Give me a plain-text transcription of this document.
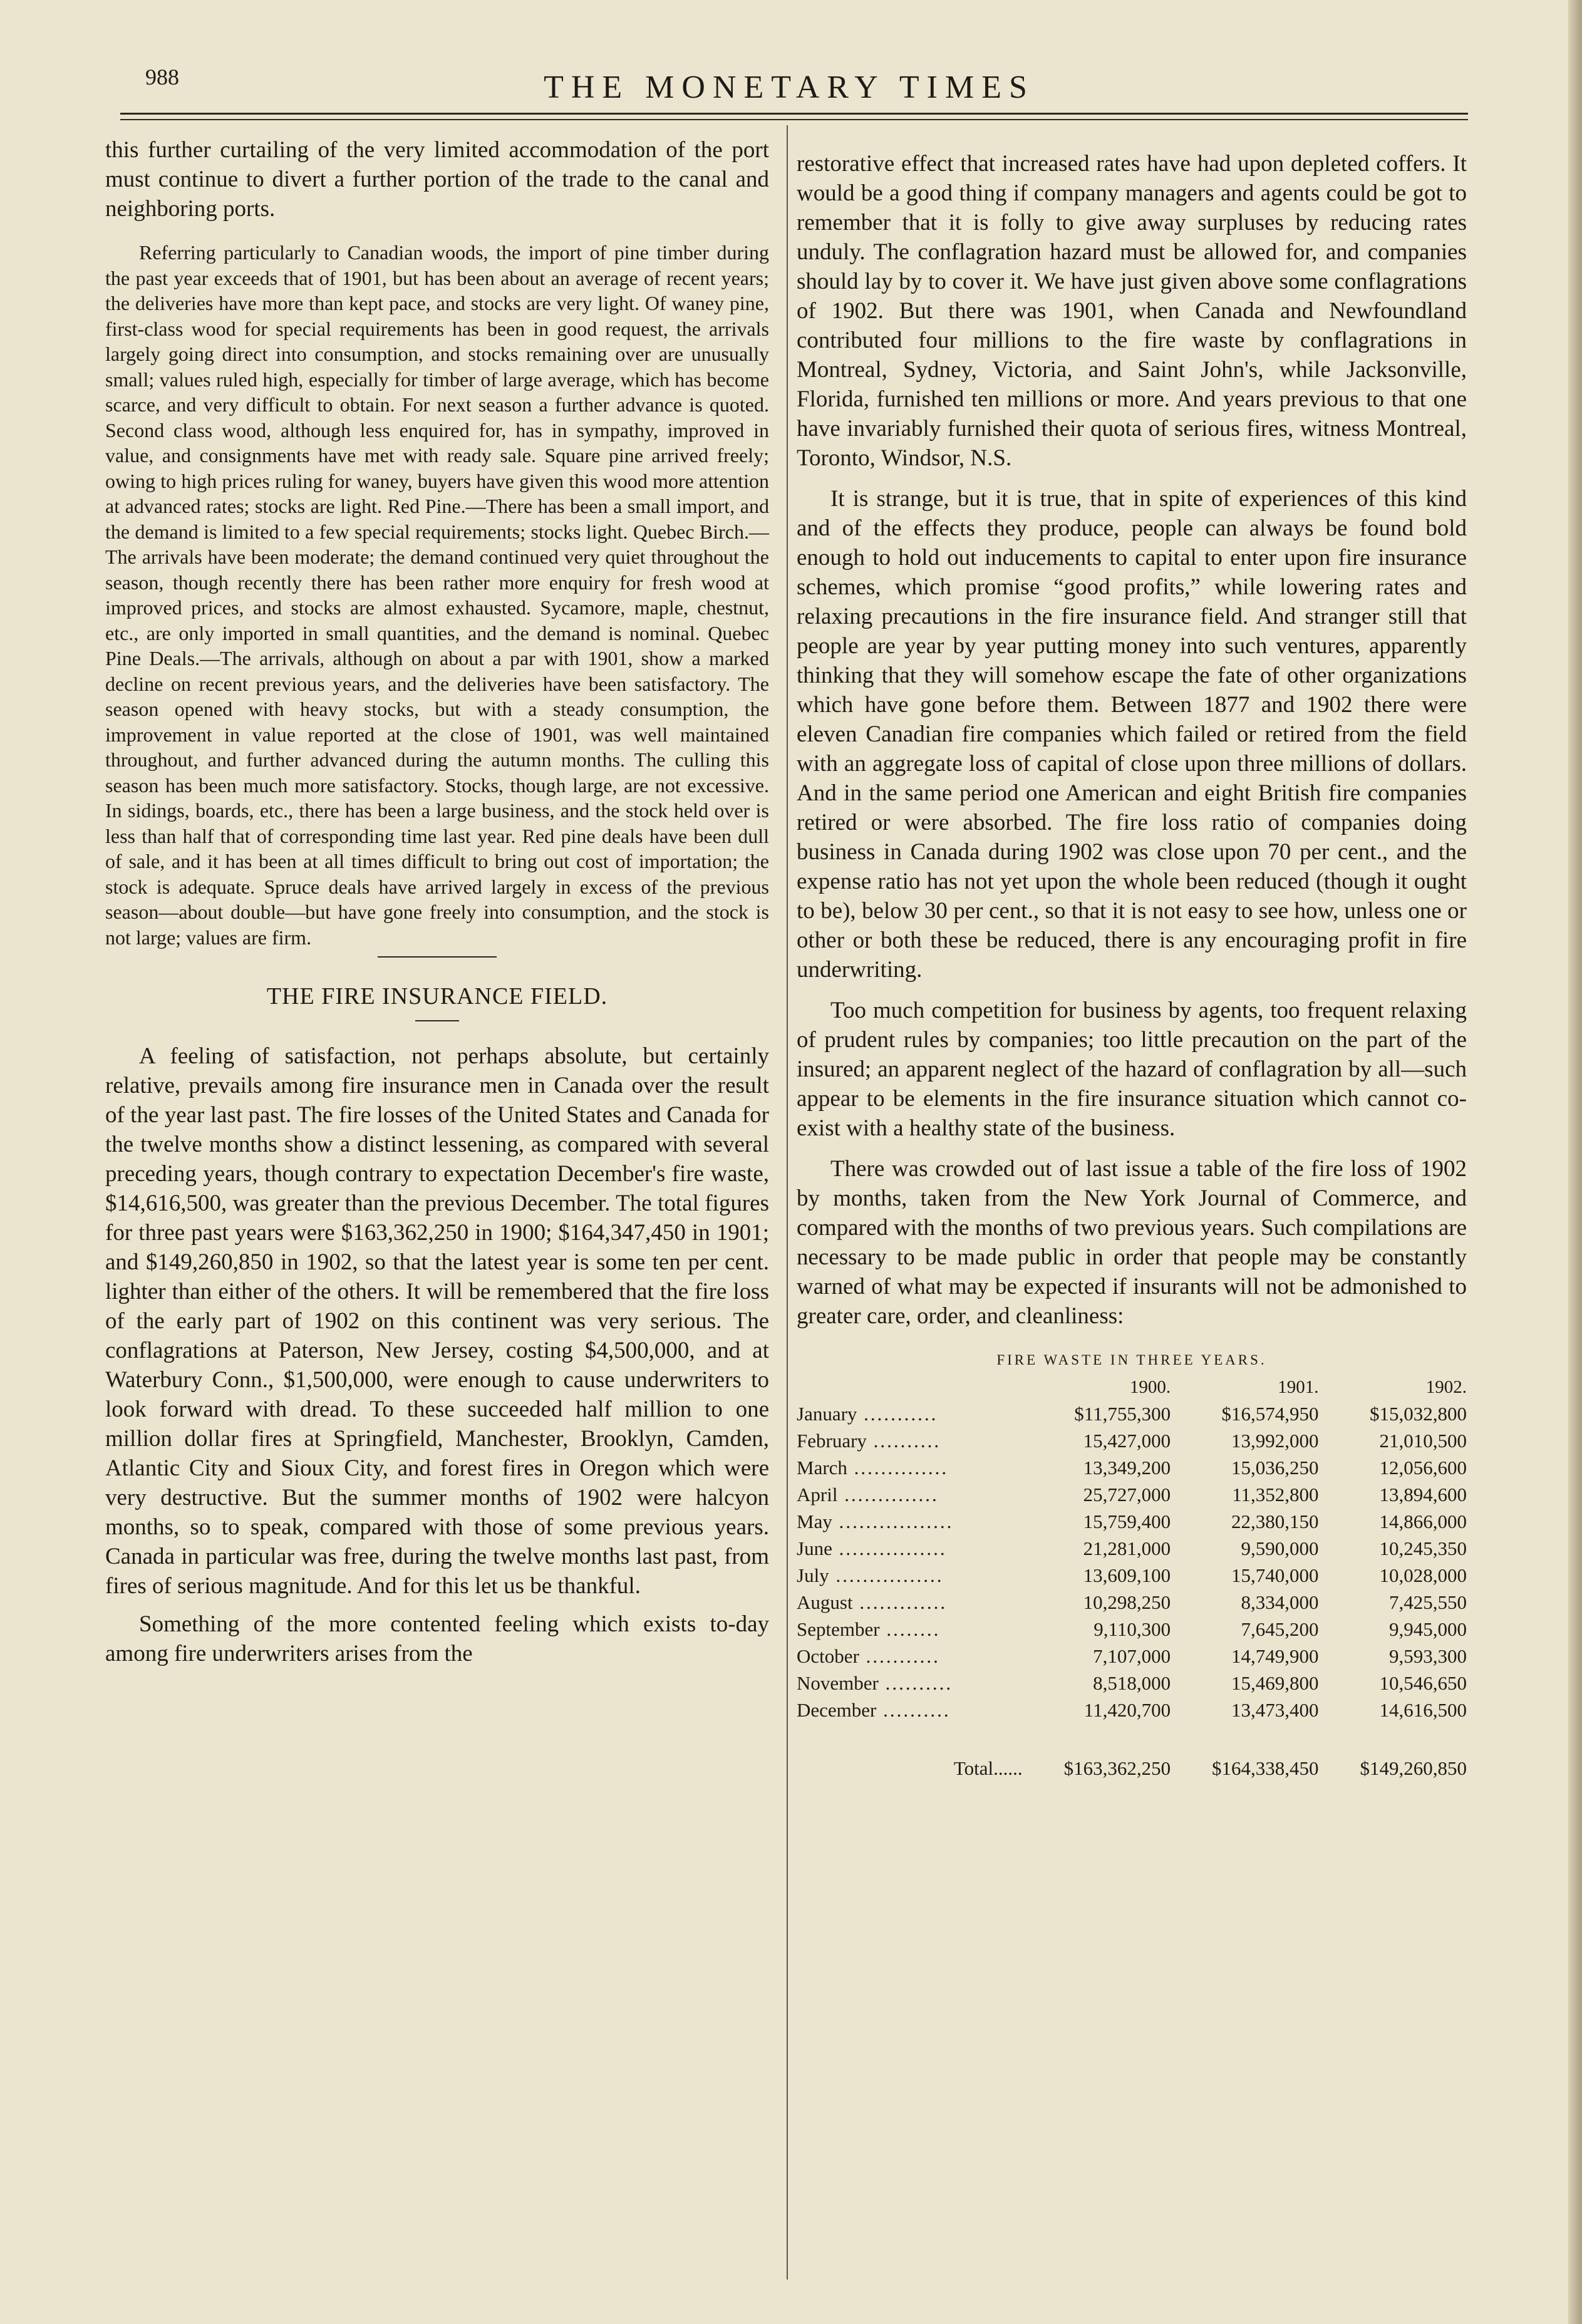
988	THE MONETARY TIMES

this further curtailing of the very limited accommodation of the port must continue to divert a further portion of the trade to the canal and neighboring ports.

Referring particularly to Canadian woods, the import of pine timber during the past year exceeds that of 1901, but has been about an average of recent years; the deliveries have more than kept pace, and stocks are very light. Of waney pine, first-class wood for special requirements has been in good request, the arrivals largely going direct into consumption, and stocks remaining over are unusually small; values ruled high, especially for timber of large average, which has become scarce, and very difficult to obtain. For next season a further advance is quoted. Second class wood, although less enquired for, has in sympathy, improved in value, and consignments have met with ready sale. Square pine arrived freely; owing to high prices ruling for waney, buyers have given this wood more attention at advanced rates; stocks are light. Red Pine.—There has been a small import, and the demand is limited to a few special requirements; stocks light. Quebec Birch.—The arrivals have been moderate; the demand continued very quiet throughout the season, though recently there has been rather more enquiry for fresh wood at improved prices, and stocks are almost exhausted. Sycamore, maple, chestnut, etc., are only imported in small quantities, and the demand is nominal. Quebec Pine Deals.—The arrivals, although on about a par with 1901, show a marked decline on recent previous years, and the deliveries have been satisfactory. The season opened with heavy stocks, but with a steady consumption, the improvement in value reported at the close of 1901, was well maintained throughout, and further advanced during the autumn months. The culling this season has been much more satisfactory. Stocks, though large, are not excessive. In sidings, boards, etc., there has been a large business, and the stock held over is less than half that of corresponding time last year. Red pine deals have been dull of sale, and it has been at all times difficult to bring out cost of importation; the stock is adequate. Spruce deals have arrived largely in excess of the previous season—about double—but have gone freely into consumption, and the stock is not large; values are firm.

THE FIRE INSURANCE FIELD.

A feeling of satisfaction, not perhaps absolute, but certainly relative, prevails among fire insurance men in Canada over the result of the year last past. The fire losses of the United States and Canada for the twelve months show a distinct lessening, as compared with several preceding years, though contrary to expectation December's fire waste, $14,616,500, was greater than the previous December. The total figures for three past years were $163,362,250 in 1900; $164,347,450 in 1901; and $149,260,850 in 1902, so that the latest year is some ten per cent. lighter than either of the others. It will be remembered that the fire loss of the early part of 1902 on this continent was very serious. The conflagrations at Paterson, New Jersey, costing $4,500,000, and at Waterbury Conn., $1,500,000, were enough to cause underwriters to look forward with dread. To these succeeded half million to one million dollar fires at Springfield, Manchester, Brooklyn, Camden, Atlantic City and Sioux City, and forest fires in Oregon which were very destructive. But the summer months of 1902 were halcyon months, so to speak, compared with those of some previous years. Canada in particular was free, during the twelve months last past, from fires of serious magnitude. And for this let us be thankful.

Something of the more contented feeling which exists to-day among fire underwriters arises from the

restorative effect that increased rates have had upon depleted coffers. It would be a good thing if company managers and agents could be got to remember that it is folly to give away surpluses by reducing rates unduly. The conflagration hazard must be allowed for, and companies should lay by to cover it. We have just given above some conflagrations of 1902. But there was 1901, when Canada and Newfoundland contributed four millions to the fire waste by conflagrations in Montreal, Sydney, Victoria, and Saint John's, while Jacksonville, Florida, furnished ten millions or more. And years previous to that one have invariably furnished their quota of serious fires, witness Montreal, Toronto, Windsor, N.S.

It is strange, but it is true, that in spite of experiences of this kind and of the effects they produce, people can always be found bold enough to hold out inducements to capital to enter upon fire insurance schemes, which promise “good profits,” while lowering rates and relaxing precautions in the fire insurance field. And stranger still that people are year by year putting money into such ventures, apparently thinking that they will somehow escape the fate of other organizations which have gone before them. Between 1877 and 1902 there were eleven Canadian fire companies which failed or retired from the field with an aggregate loss of capital of close upon three millions of dollars. And in the same period one American and eight British fire companies retired or were absorbed. The fire loss ratio of companies doing business in Canada during 1902 was close upon 70 per cent., and the expense ratio has not yet upon the whole been reduced (though it ought to be), below 30 per cent., so that it is not easy to see how, unless one or other or both these be reduced, there is any encouraging profit in fire underwriting.

Too much competition for business by agents, too frequent relaxing of prudent rules by companies; too little precaution on the part of the insured; an apparent neglect of the hazard of conflagration by all—such appear to be elements in the fire insurance situation which cannot co-exist with a healthy state of the business.

There was crowded out of last issue a table of the fire loss of 1902 by months, taken from the New York Journal of Commerce, and compared with the months of two previous years. Such compilations are necessary to be made public in order that people may be constantly warned of what may be expected if insurants will not be admonished to greater care, order, and cleanliness:

FIRE WASTE IN THREE YEARS.
	1900.	1901.	1902.
January ...........	$11,755,300	$16,574,950	$15,032,800
February ..........	15,427,000	13,992,000	21,010,500
March ..............	13,349,200	15,036,250	12,056,600
April ..............	25,727,000	11,352,800	13,894,600
May .................	15,759,400	22,380,150	14,866,000
June ................	21,281,000	9,590,000	10,245,350
July ................	13,609,100	15,740,000	10,028,000
August .............	10,298,250	8,334,000	7,425,550
September ........	9,110,300	7,645,200	9,945,000
October ...........	7,107,000	14,749,900	9,593,300
November ..........	8,518,000	15,469,800	10,546,650
December ..........	11,420,700	13,473,400	14,616,500
Total......	$163,362,250	$164,338,450	$149,260,850
